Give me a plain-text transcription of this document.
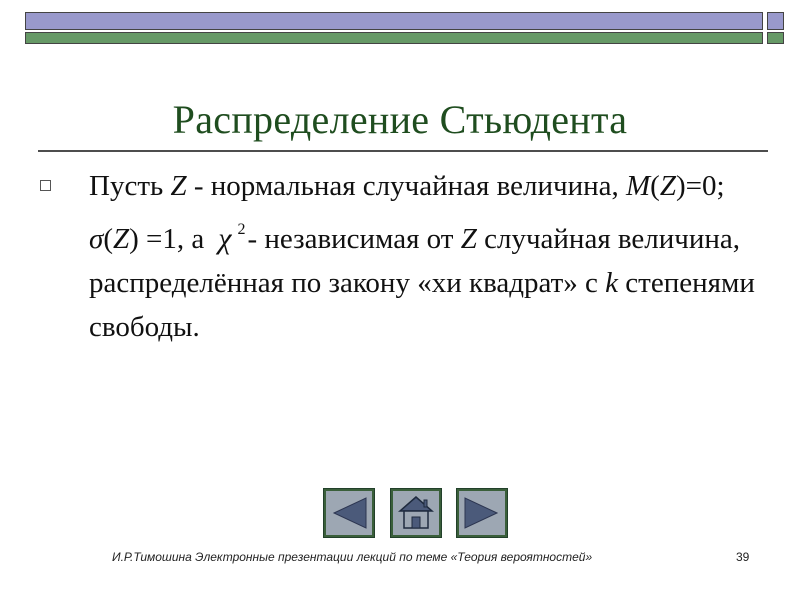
Распределение Стьюдента
Пусть Z - нормальная случайная величина, M(Z)=0; σ(Z) =1, а χ $^2$- независимая от Z случайная величина, распределённая по закону «хи квадрат» с k степенями свободы.
И.Р.Тимошина Электронные презентации лекций по теме «Теория вероятностей»	39
